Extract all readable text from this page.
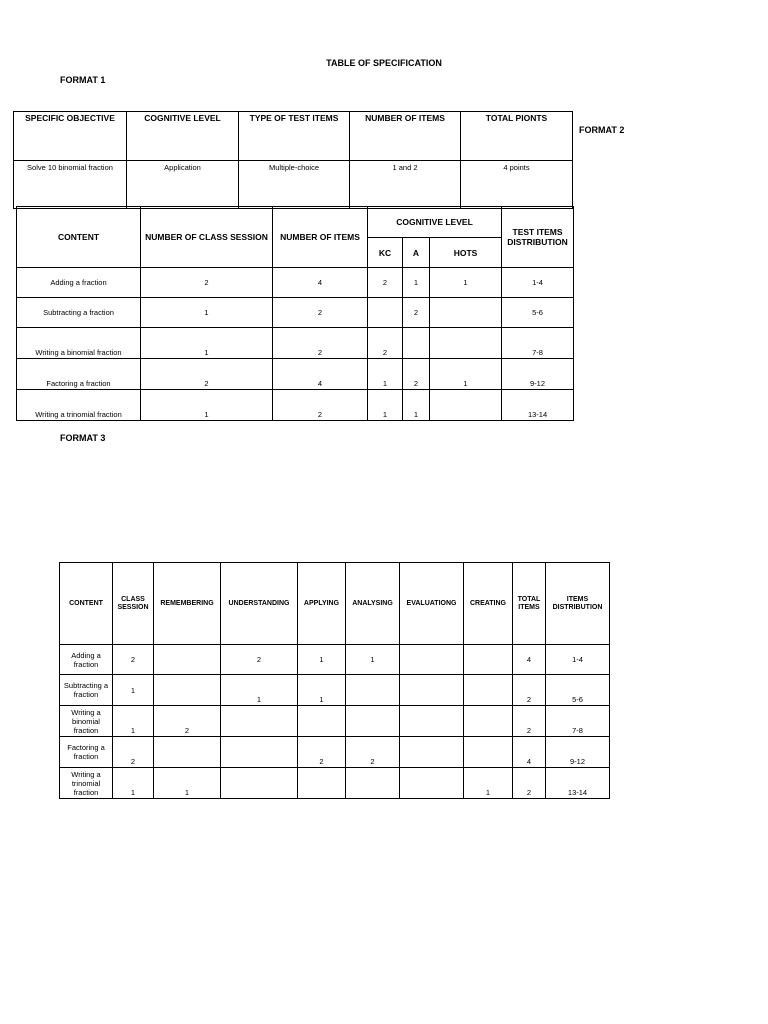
TABLE OF SPECIFICATION
FORMAT 1
SPECIFIC OBJECTIVE	COGNITIVE LEVEL	TYPE OF TEST ITEMS	NUMBER OF ITEMS	TOTAL PIONTS
Solve 10 binomial fraction	Application	Multiple-choice	1 and 2	4 points
FORMAT 2
CONTENT	NUMBER OF CLASS SESSION	NUMBER OF ITEMS	COGNITIVE LEVEL			TEST ITEMS DISTRIBUTION
			KC	A	HOTS	
Adding a fraction	2	4	2	1	1	1-4
Subtracting a fraction	1	2		2		5-6
Writing a binomial fraction	1	2	2			7-8
Factoring a fraction	2	4	1	2	1	9-12
Writing a trinomial fraction	1	2	1	1		13-14
FORMAT 3
CONTENT	CLASS SESSION	REMEMBERING	UNDERSTANDING	APPLYING	ANALYSING	EVALUATIONG	CREATING	TOTAL ITEMS	ITEMS DISTRIBUTION
Adding a fraction	2		2	1	1			4	1-4
Subtracting a fraction	1		1	1				2	5-6
Writing a binomial fraction	1	2						2	7-8
Factoring a fraction	2			2	2			4	9-12
Writing a trinomial fraction	1	1					1	2	13-14
